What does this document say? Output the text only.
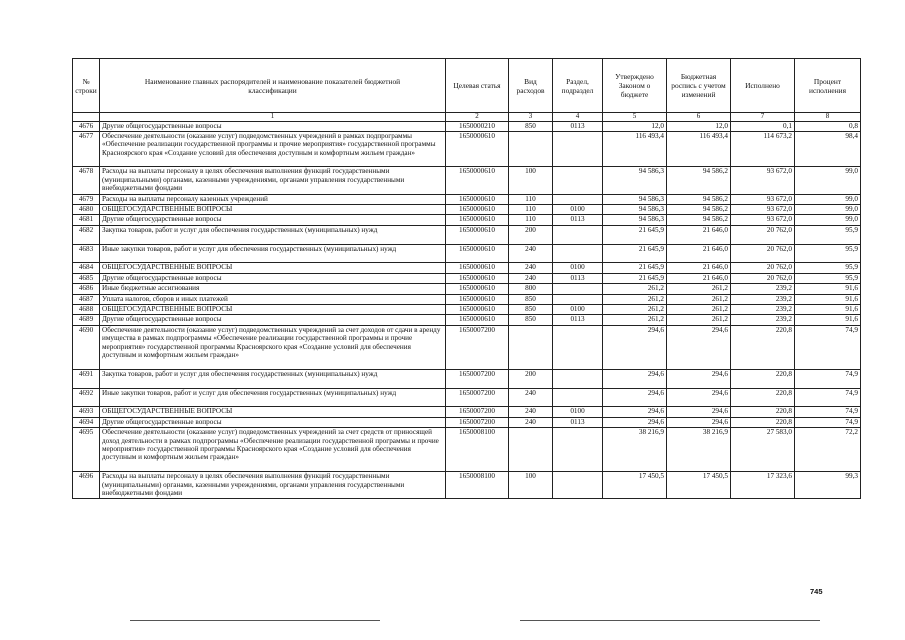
№ строки	Наименование главных распорядителей и наименование показателей бюджетной классификации	Целевая статья	Вид расходов	Раздел, подраздел	Утверждено Законом о бюджете	Бюджетная роспись с учетом изменений	Исполнено	Процент исполнения
	1	2	3	4	5	6	7	8
4676	Другие общегосударственные вопросы	1650000210	850	0113	12,0	12,0	0,1	0,8
4677	Обеспечение деятельности (оказание услуг) подведомственных учреждений в рамках подпрограммы «Обеспечение реализации государственной программы и прочие мероприятия» государственной программы Красноярского края «Создание условий для обеспечения доступным и комфортным жильем граждан»	1650000610			116 493,4	116 493,4	114 673,2	98,4
4678	Расходы на выплаты персоналу в целях обеспечения выполнения функций государственными (муниципальными) органами, казенными учреждениями, органами управления государственными внебюджетными фондами	1650000610	100		94 586,3	94 586,2	93 672,0	99,0
4679	Расходы на выплаты персоналу казенных учреждений	1650000610	110		94 586,3	94 586,2	93 672,0	99,0
4680	ОБЩЕГОСУДАРСТВЕННЫЕ ВОПРОСЫ	1650000610	110	0100	94 586,3	94 586,2	93 672,0	99,0
4681	Другие общегосударственные вопросы	1650000610	110	0113	94 586,3	94 586,2	93 672,0	99,0
4682	Закупка товаров, работ и услуг для обеспечения государственных (муниципальных) нужд	1650000610	200		21 645,9	21 646,0	20 762,0	95,9
4683	Иные закупки товаров, работ и услуг для обеспечения государственных (муниципальных) нужд	1650000610	240		21 645,9	21 646,0	20 762,0	95,9
4684	ОБЩЕГОСУДАРСТВЕННЫЕ ВОПРОСЫ	1650000610	240	0100	21 645,9	21 646,0	20 762,0	95,9
4685	Другие общегосударственные вопросы	1650000610	240	0113	21 645,9	21 646,0	20 762,0	95,9
4686	Иные бюджетные ассигнования	1650000610	800		261,2	261,2	239,2	91,6
4687	Уплата налогов, сборов и иных платежей	1650000610	850		261,2	261,2	239,2	91,6
4688	ОБЩЕГОСУДАРСТВЕННЫЕ ВОПРОСЫ	1650000610	850	0100	261,2	261,2	239,2	91,6
4689	Другие общегосударственные вопросы	1650000610	850	0113	261,2	261,2	239,2	91,6
4690	Обеспечение деятельности (оказание услуг) подведомственных учреждений за счет доходов от сдачи в аренду имущества в рамках подпрограммы «Обеспечение реализации государственной программы и прочие мероприятия» государственной программы Красноярского края «Создание условий для обеспечения доступным и комфортным жильем граждан»	1650007200			294,6	294,6	220,8	74,9
4691	Закупка товаров, работ и услуг для обеспечения государственных (муниципальных) нужд	1650007200	200		294,6	294,6	220,8	74,9
4692	Иные закупки товаров, работ и услуг для обеспечения государственных (муниципальных) нужд	1650007200	240		294,6	294,6	220,8	74,9
4693	ОБЩЕГОСУДАРСТВЕННЫЕ ВОПРОСЫ	1650007200	240	0100	294,6	294,6	220,8	74,9
4694	Другие общегосударственные вопросы	1650007200	240	0113	294,6	294,6	220,8	74,9
4695	Обеспечение деятельности (оказание услуг) подведомственных учреждений за счет средств от приносящей доход деятельности в рамках подпрограммы «Обеспечение реализации государственной программы и прочие мероприятия» государственной программы Красноярского края «Создание условий для обеспечения доступным и комфортным жильем граждан»	1650008100			38 216,9	38 216,9	27 583,0	72,2
4696	Расходы на выплаты персоналу в целях обеспечения выполнения функций государственными (муниципальными) органами, казенными учреждениями, органами управления государственными внебюджетными фондами	1650008100	100		17 450,5	17 450,5	17 323,6	99,3
745
